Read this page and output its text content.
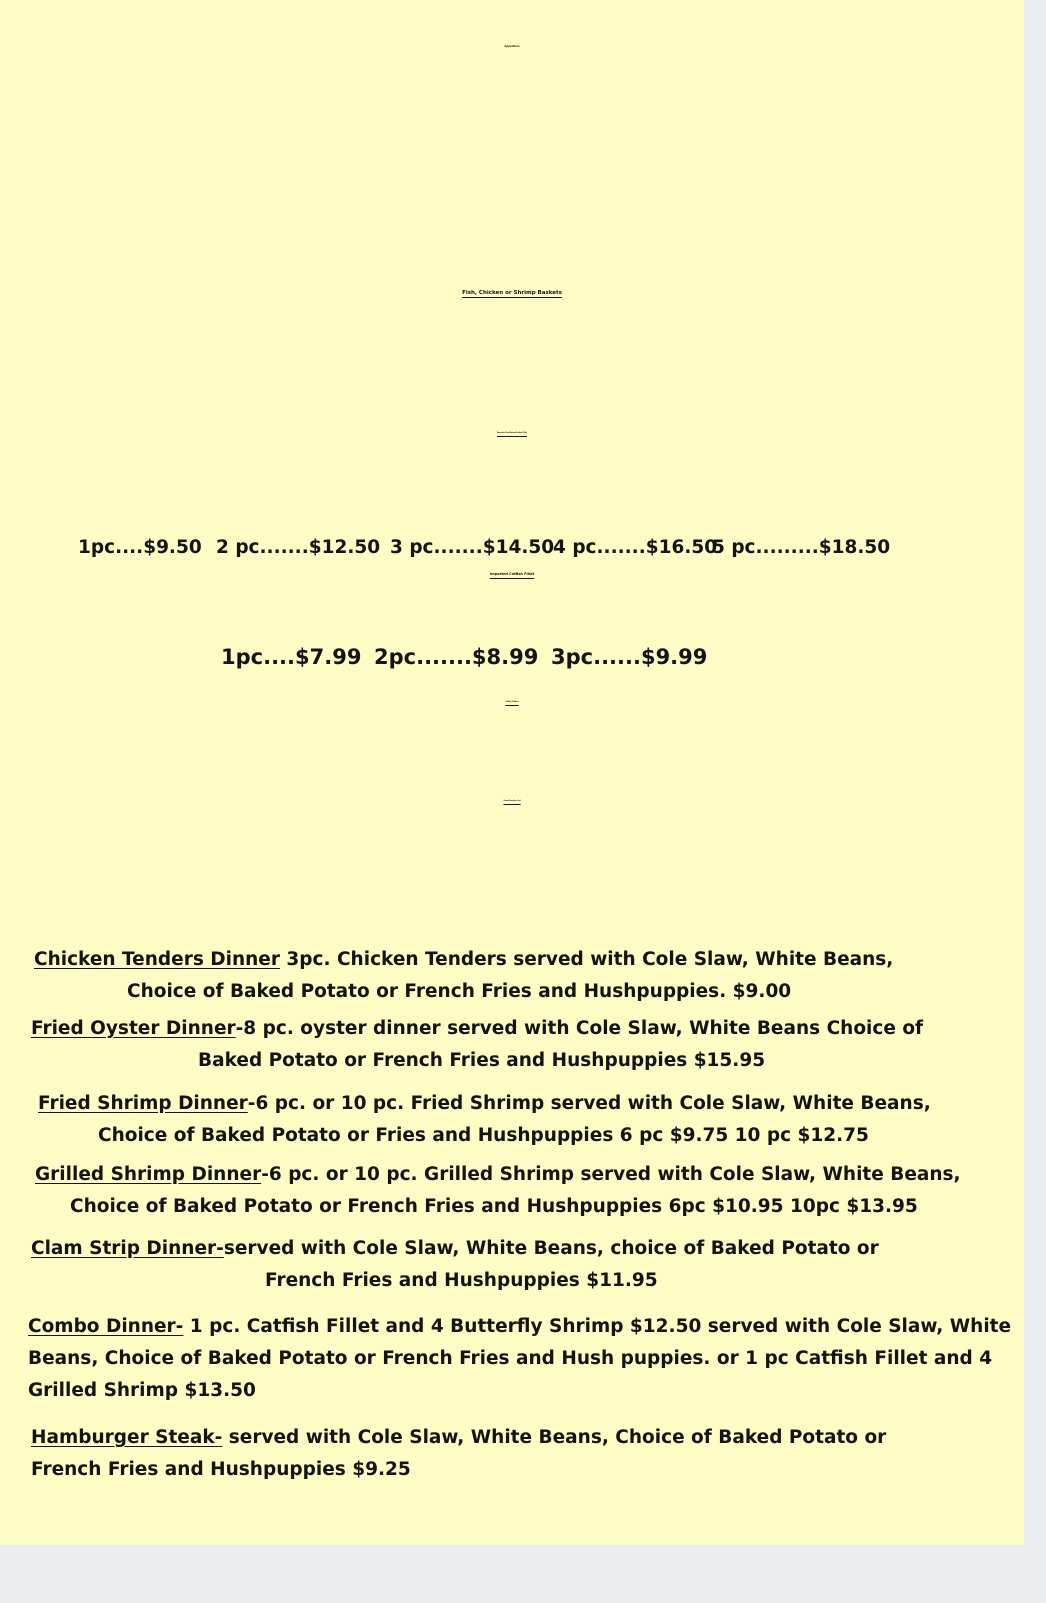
Appetizers
Fish, Chicken or Shrimp Baskets
Domestic Pond Raised Catfish Fillet
1pc....$9.50 2 pc.......$12.50 3 pc.......$14.50
4 pc.......$16.50
5 pc.........$18.50
Imported Catfish Fillet
1pc....$7.99 2pc.......$8.99 3pc......$9.99
Catfish Fiddlers
Ocean Boneless Cod
Chicken Tenders Dinner 3pc. Chicken Tenders served with Cole Slaw, White Beans,
Choice of Baked Potato or French Fries and Hushpuppies. $9.00
Fried Oyster Dinner-8 pc. oyster dinner served with Cole Slaw, White Beans Choice of
Baked Potato or French Fries and Hushpuppies $15.95
Fried Shrimp Dinner-6 pc. or 10 pc. Fried Shrimp served with Cole Slaw, White Beans,
Choice of Baked Potato or Fries and Hushpuppies 6 pc $9.75 10 pc $12.75
Grilled Shrimp Dinner-6 pc. or 10 pc. Grilled Shrimp served with Cole Slaw, White Beans,
Choice of Baked Potato or French Fries and Hushpuppies 6pc $10.95 10pc $13.95
Clam Strip Dinner-served with Cole Slaw, White Beans, choice of Baked Potato or
French Fries and Hushpuppies $11.95
Combo Dinner- 1 pc. Catfish Fillet and 4 Butterfly Shrimp $12.50 served with Cole Slaw, White
Beans, Choice of Baked Potato or French Fries and Hush puppies. or 1 pc Catfish Fillet and 4
Grilled Shrimp $13.50
Hamburger Steak- served with Cole Slaw, White Beans, Choice of Baked Potato or
French Fries and Hushpuppies $9.25
